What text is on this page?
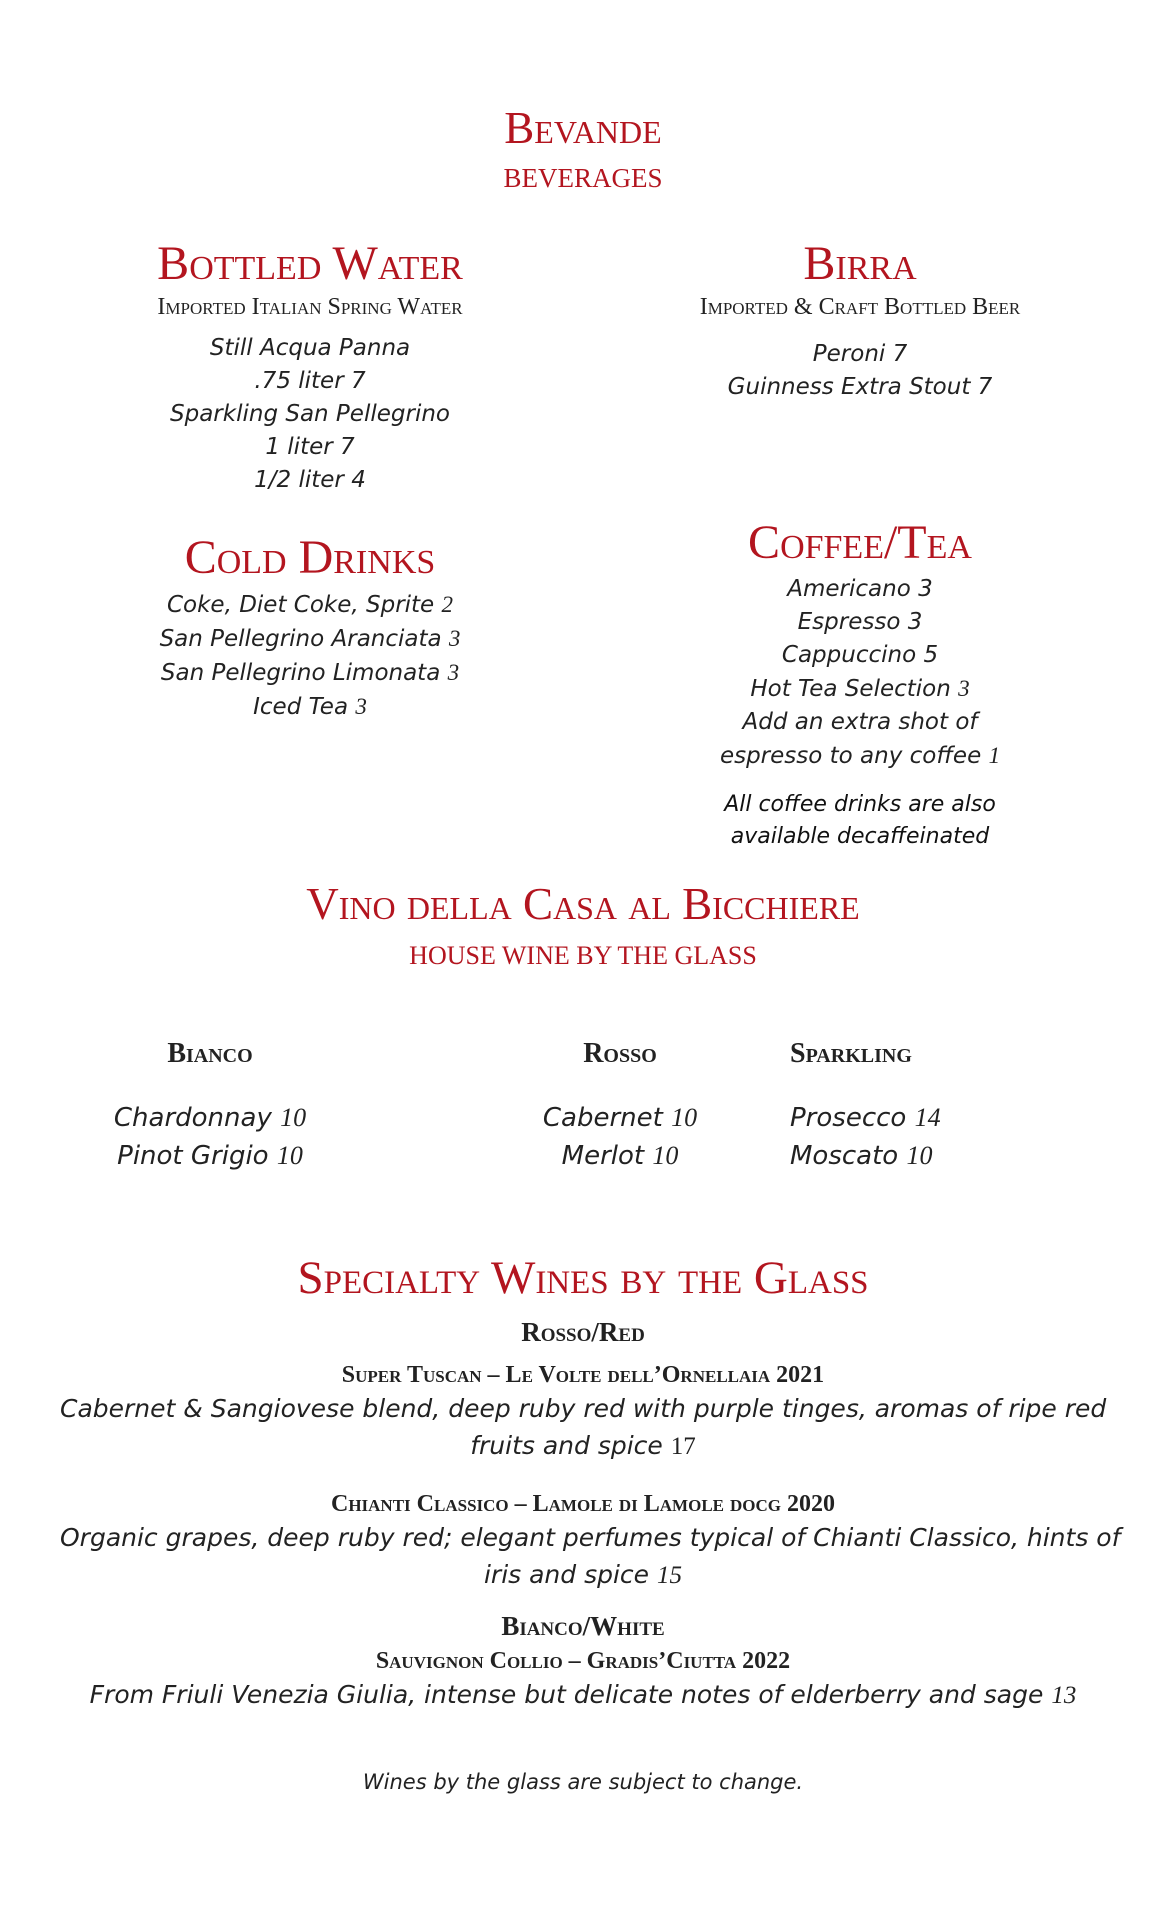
Bevande
BEVERAGES
Bottled Water
Imported Italian Spring Water
Still Acqua Panna
.75 liter 7
Sparkling San Pellegrino
1 liter 7
1/2 liter 4
Birra
Imported & Craft Bottled Beer
Peroni 7
Guinness Extra Stout 7
Cold Drinks
Coke, Diet Coke, Sprite 2
San Pellegrino Aranciata 3
San Pellegrino Limonata 3
Iced Tea 3
Coffee/Tea
Americano 3
Espresso 3
Cappuccino 5
Hot Tea Selection 3
Add an extra shot of
espresso to any coffee 1
All coffee drinks are also
available decaffeinated
Vino della Casa al Bicchiere
HOUSE WINE BY THE GLASS
Bianco
Chardonnay 10
Pinot Grigio 10
Rosso
Cabernet 10
Merlot 10
Sparkling
Prosecco 14
Moscato 10
Specialty Wines by the Glass
Rosso/Red
Super Tuscan – Le Volte dell’Ornellaia 2021
Cabernet & Sangiovese blend, deep ruby red with purple tinges, aromas of ripe red
fruits and spice 17
Chianti Classico – Lamole di Lamole docg 2020
Organic grapes, deep ruby red; elegant perfumes typical of Chianti Classico, hints of
iris and spice 15
Bianco/White
Sauvignon Collio – Gradis’Ciutta 2022
From Friuli Venezia Giulia, intense but delicate notes of elderberry and sage 13
Wines by the glass are subject to change.
